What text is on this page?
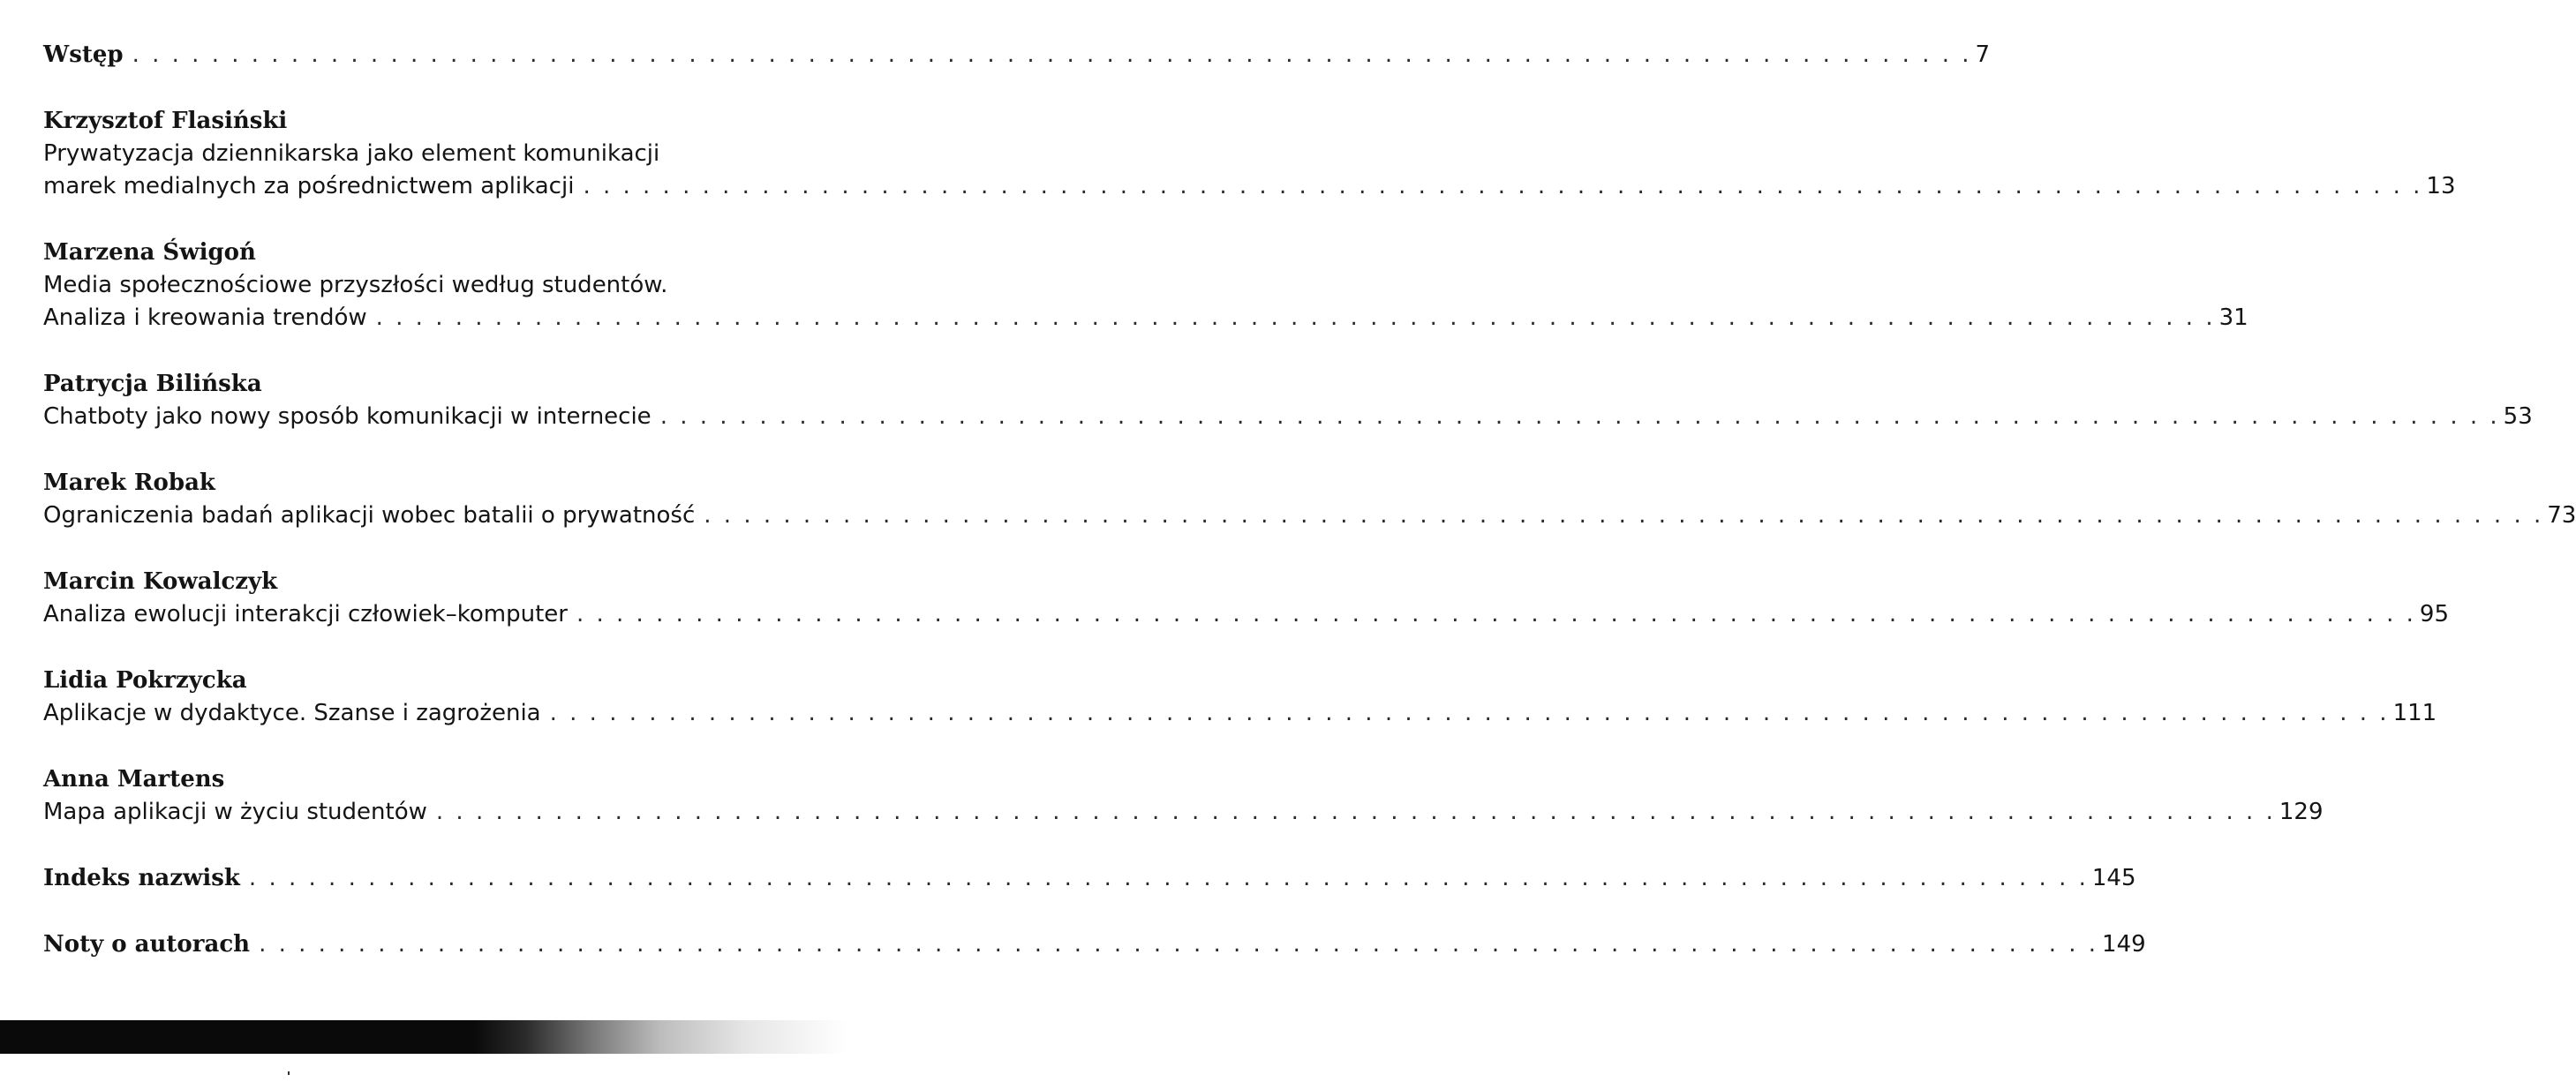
Wstęp . . . . . . . . . . . . . . . . . . . . . . . . . . . . . . . . . . . . . . . . . . . . . . . . . . . . . . . . . . . . . . . . . . . . . . . . . . . . . . . . . . . . . . . . . . . . . 7
Krzysztof Flasiński
Prywatyzacja dziennikarska jako element komunikacji
marek medialnych za pośrednictwem aplikacji . . . . . . . . . . . . . . . . . . . . . . . . . . . . . . . . . . . . . . . . . . . . . . . . . . . . . . . . . . . . . . . . . . . . . . . . . . . . . . . . . . . . . . . . . . . . . 13
Marzena Świgoń
Media społecznościowe przyszłości według studentów.
Analiza i kreowania trendów . . . . . . . . . . . . . . . . . . . . . . . . . . . . . . . . . . . . . . . . . . . . . . . . . . . . . . . . . . . . . . . . . . . . . . . . . . . . . . . . . . . . . . . . . . . . . 31
Patrycja Bilińska
Chatboty jako nowy sposób komunikacji w internecie . . . . . . . . . . . . . . . . . . . . . . . . . . . . . . . . . . . . . . . . . . . . . . . . . . . . . . . . . . . . . . . . . . . . . . . . . . . . . . . . . . . . . . . . . . . . . 53
Marek Robak
Ograniczenia badań aplikacji wobec batalii o prywatność . . . . . . . . . . . . . . . . . . . . . . . . . . . . . . . . . . . . . . . . . . . . . . . . . . . . . . . . . . . . . . . . . . . . . . . . . . . . . . . . . . . . . . . . . . . . . 73
Marcin Kowalczyk
Analiza ewolucji interakcji człowiek–komputer . . . . . . . . . . . . . . . . . . . . . . . . . . . . . . . . . . . . . . . . . . . . . . . . . . . . . . . . . . . . . . . . . . . . . . . . . . . . . . . . . . . . . . . . . . . . . 95
Lidia Pokrzycka
Aplikacje w dydaktyce. Szanse i zagrożenia . . . . . . . . . . . . . . . . . . . . . . . . . . . . . . . . . . . . . . . . . . . . . . . . . . . . . . . . . . . . . . . . . . . . . . . . . . . . . . . . . . . . . . . . . . . . . 111
Anna Martens
Mapa aplikacji w życiu studentów . . . . . . . . . . . . . . . . . . . . . . . . . . . . . . . . . . . . . . . . . . . . . . . . . . . . . . . . . . . . . . . . . . . . . . . . . . . . . . . . . . . . . . . . . . . . . 129
Indeks nazwisk . . . . . . . . . . . . . . . . . . . . . . . . . . . . . . . . . . . . . . . . . . . . . . . . . . . . . . . . . . . . . . . . . . . . . . . . . . . . . . . . . . . . . . . . . . . . . 145
Noty o autorach . . . . . . . . . . . . . . . . . . . . . . . . . . . . . . . . . . . . . . . . . . . . . . . . . . . . . . . . . . . . . . . . . . . . . . . . . . . . . . . . . . . . . . . . . . . . . 149
